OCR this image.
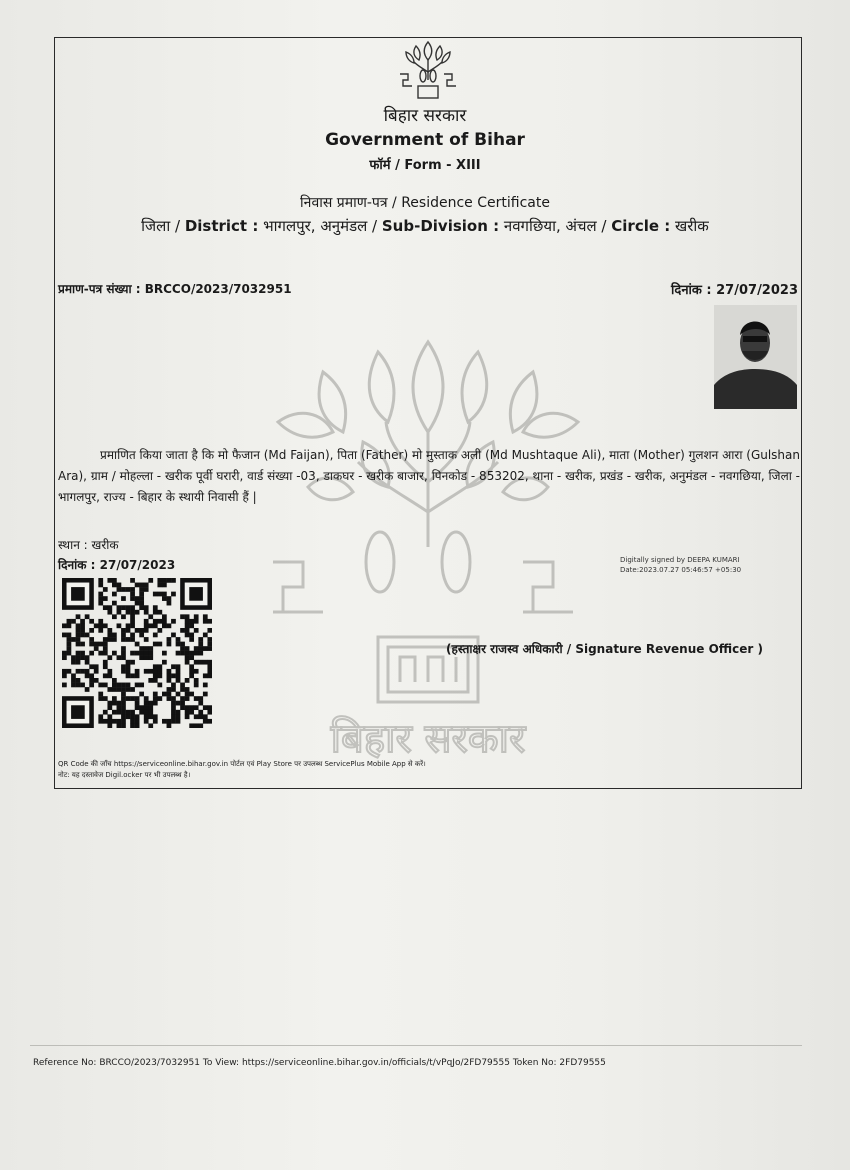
बिहार सरकार
बिहार सरकार
Government of Bihar
फॉर्म / Form - XIII
निवास प्रमाण-पत्र / Residence Certificate
जिला / District : भागलपुर, अनुमंडल / Sub-Division : नवगछिया, अंचल / Circle : खरीक
प्रमाण-पत्र संख्या : BRCCO/2023/7032951	दिनांक : 27/07/2023
प्रमाणित किया जाता है कि मो फैजान (Md Faijan), पिता (Father) मो मुस्ताक अली (Md Mushtaque Ali), माता (Mother) गुलशन आरा (Gulshan Ara), ग्राम / मोहल्ला - खरीक पूर्वी घरारी, वार्ड संख्या -03, डाकघर - खरीक बाजार, पिनकोड - 853202, थाना - खरीक, प्रखंड - खरीक, अनुमंडल - नवगछिया, जिला - भागलपुर, राज्य - बिहार के स्थायी निवासी हैं |
स्थान : खरीक
दिनांक : 27/07/2023	Digitally signed by DEEPA KUMARI
Date:2023.07.27 05:46:57 +05:30
(हस्ताक्षर राजस्व अधिकारी / Signature Revenue Officer )
QR Code की जाँच https://serviceonline.bihar.gov.in पोर्टल एवं Play Store पर उपलब्ध ServicePlus Mobile App से करें।
नोट: यह दस्तावेज Digil.ocker पर भी उपलब्ध है।
Reference No: BRCCO/2023/7032951 To View: https://serviceonline.bihar.gov.in/officials/t/vPqJo/2FD79555 Token No: 2FD79555
